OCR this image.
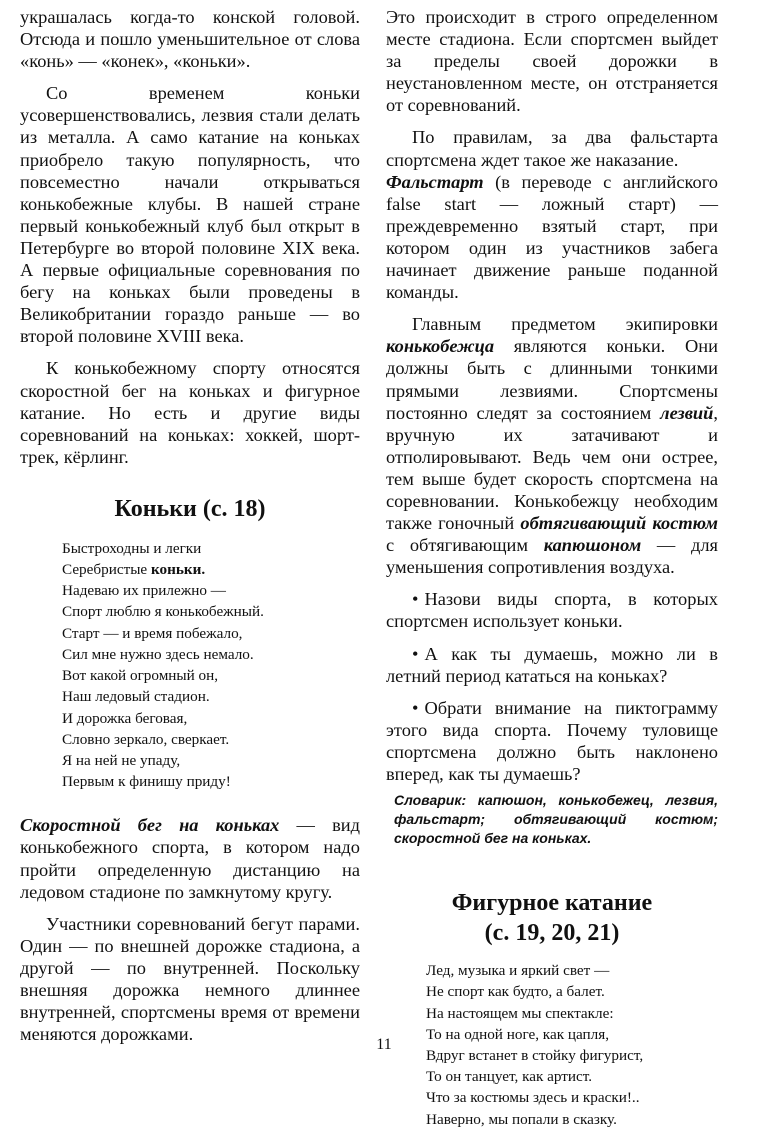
украшалась когда-то конской головой. Отсюда и пошло уменьшительное от слова «конь» — «конек», «коньки».

Со временем коньки усовершенствовались, лезвия стали делать из металла. А само катание на коньках приобрело такую популярность, что повсеместно начали открываться конькобежные клубы. В нашей стране первый конькобежный клуб был открыт в Петербурге во второй половине XIX века. А первые официальные соревнования по бегу на коньках были проведены в Великобритании гораздо раньше — во второй половине XVIII века.

К конькобежному спорту относятся скоростной бег на коньках и фигурное катание. Но есть и другие виды соревнований на коньках: хоккей, шорт-трек, кёрлинг.

Коньки (с. 18)
Быстроходны и легки
Серебристые коньки.
Надеваю их прилежно —
Спорт люблю я конькобежный.
Старт — и время побежало,
Сил мне нужно здесь немало.
Вот какой огромный он,
Наш ледовый стадион.
И дорожка беговая,
Словно зеркало, сверкает.
Я на ней не упаду,
Первым к финишу приду!

Скоростной бег на коньках — вид конькобежного спорта, в котором надо пройти определенную дистанцию на ледовом стадионе по замкнутому кругу.

Участники соревнований бегут парами. Один — по внешней дорожке стадиона, а другой — по внутренней. Поскольку внешняя дорожка немного длиннее внутренней, спортсмены время от времени меняются дорожками.

Это происходит в строго определенном месте стадиона. Если спортсмен выйдет за пределы своей дорожки в неустановленном месте, он отстраняется от соревнований.

По правилам, за два фальстарта спортсмена ждет такое же наказание.

Фальстарт (в переводе с английского false start — ложный старт) — преждевременно взятый старт, при котором один из участников забега начинает движение раньше поданной команды.

Главным предметом экипировки конькобежца являются коньки. Они должны быть с длинными тонкими прямыми лезвиями. Спортсмены постоянно следят за состоянием лезвий, вручную их затачивают и отполировывают. Ведь чем они острее, тем выше будет скорость спортсмена на соревновании. Конькобежцу необходим также гоночный обтягивающий костюм с обтягивающим капюшоном — для уменьшения сопротивления воздуха.

• Назови виды спорта, в которых спортсмен использует коньки.

• А как ты думаешь, можно ли в летний период кататься на коньках?

• Обрати внимание на пиктограмму этого вида спорта. Почему туловище спортсмена должно быть наклонено вперед, как ты думаешь?

Словарик: капюшон, конькобежец, лезвия, фальстарт; обтягивающий костюм; скоростной бег на коньках.

Фигурное катание
(с. 19, 20, 21)
Лед, музыка и яркий свет —
Не спорт как будто, а балет.
На настоящем мы спектакле:
То на одной ноге, как цапля,
Вдруг встанет в стойку фигурист,
То он танцует, как артист.
Что за костюмы здесь и краски!..
Наверно, мы попали в сказку.
11
